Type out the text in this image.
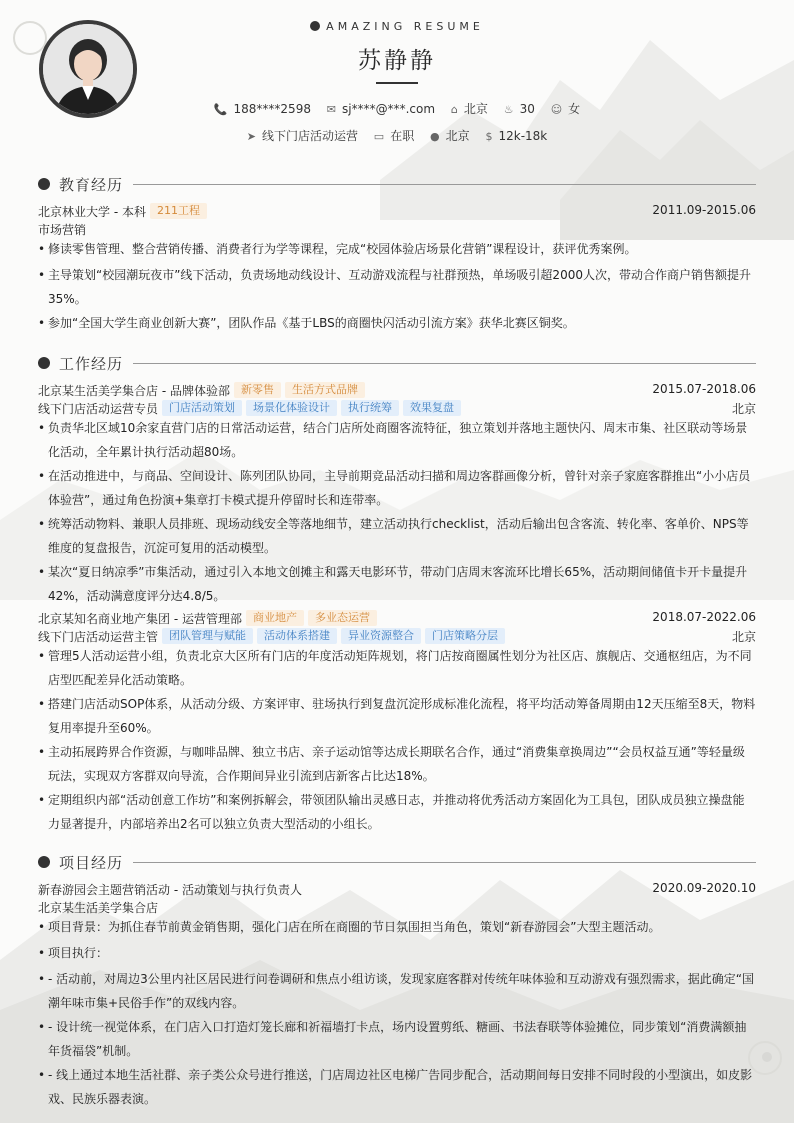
AMAZING RESUME
苏静静
📞 188****2598 ✉ sj****@***.com ⌂ 北京 ♨ 30 ☺ 女
➤ 线下门店活动运营 ▭ 在职 ● 北京 $ 12k-18k
教育经历
北京林业大学 - 本科 211工程	2011.09-2015.06
市场营销
• 修读零售管理、整合营销传播、消费者行为学等课程，完成“校园体验店场景化营销”课程设计，获评优秀案例。
• 主导策划“校园潮玩夜市”线下活动，负责场地动线设计、互动游戏流程与社群预热，单场吸引超2000人次，带动合作商户销售额提升35%。
• 参加“全国大学生商业创新大赛”，团队作品《基于LBS的商圈快闪活动引流方案》获华北赛区铜奖。
工作经历
北京某生活美学集合店 - 品牌体验部 新零售 生活方式品牌	2015.07-2018.06
线下门店活动运营专员 门店活动策划 场景化体验设计 执行统筹 效果复盘	北京
• 负责华北区域10余家直营门店的日常活动运营，结合门店所处商圈客流特征，独立策划并落地主题快闪、周末市集、社区联动等场景化活动，全年累计执行活动超80场。
• 在活动推进中，与商品、空间设计、陈列团队协同，主导前期竞品活动扫描和周边客群画像分析，曾针对亲子家庭客群推出“小小店员体验营”，通过角色扮演+集章打卡模式提升停留时长和连带率。
• 统筹活动物料、兼职人员排班、现场动线安全等落地细节，建立活动执行checklist，活动后输出包含客流、转化率、客单价、NPS等维度的复盘报告，沉淀可复用的活动模型。
• 某次“夏日纳凉季”市集活动，通过引入本地文创摊主和露天电影环节，带动门店周末客流环比增长65%，活动期间储值卡开卡量提升42%，活动满意度评分达4.8/5。
北京某知名商业地产集团 - 运营管理部 商业地产 多业态运营	2018.07-2022.06
线下门店活动运营主管 团队管理与赋能 活动体系搭建 异业资源整合 门店策略分层	北京
• 管理5人活动运营小组，负责北京大区所有门店的年度活动矩阵规划，将门店按商圈属性划分为社区店、旗舰店、交通枢纽店，为不同店型匹配差异化活动策略。
• 搭建门店活动SOP体系，从活动分级、方案评审、驻场执行到复盘沉淀形成标准化流程，将平均活动筹备周期由12天压缩至8天，物料复用率提升至60%。
• 主动拓展跨界合作资源，与咖啡品牌、独立书店、亲子运动馆等达成长期联名合作，通过“消费集章换周边”“会员权益互通”等轻量级玩法，实现双方客群双向导流，合作期间异业引流到店新客占比达18%。
• 定期组织内部“活动创意工作坊”和案例拆解会，带领团队输出灵感日志，并推动将优秀活动方案固化为工具包，团队成员独立操盘能力显著提升，内部培养出2名可以独立负责大型活动的小组长。
项目经历
新春游园会主题营销活动 - 活动策划与执行负责人	2020.09-2020.10
北京某生活美学集合店
• 项目背景：为抓住春节前黄金销售期，强化门店在所在商圈的节日氛围担当角色，策划“新春游园会”大型主题活动。
• 项目执行：
• - 活动前，对周边3公里内社区居民进行问卷调研和焦点小组访谈，发现家庭客群对传统年味体验和互动游戏有强烈需求，据此确定“国潮年味市集+民俗手作”的双线内容。
• - 设计统一视觉体系，在门店入口打造灯笼长廊和祈福墙打卡点，场内设置剪纸、糖画、书法春联等体验摊位，同步策划“消费满额抽年货福袋”机制。
• - 线上通过本地生活社群、亲子类公众号进行推送，门店周边社区电梯广告同步配合，活动期间每日安排不同时段的小型演出，如皮影戏、民族乐器表演。
